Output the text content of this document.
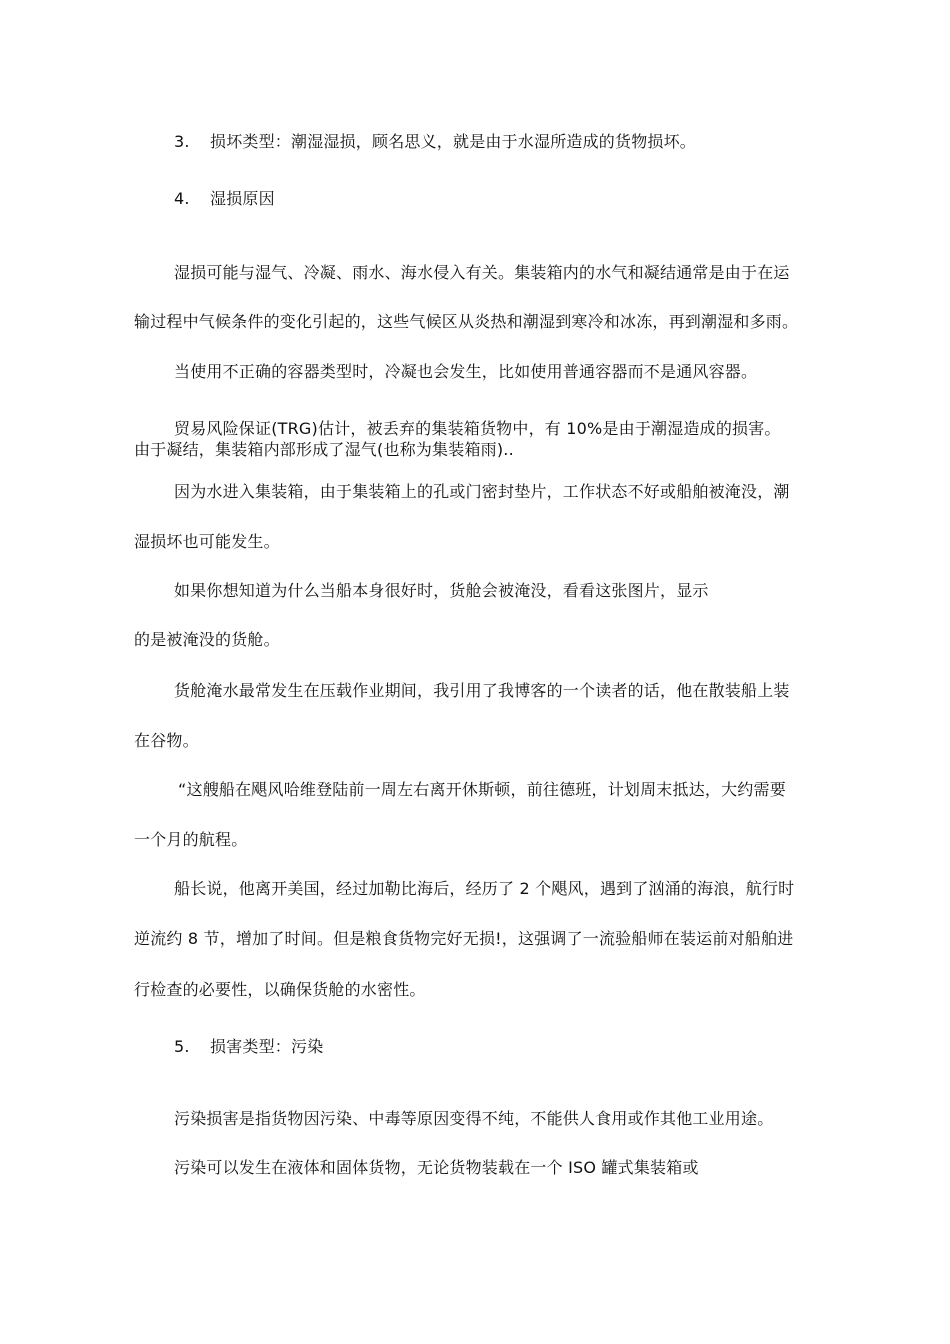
3. 损坏类型：潮湿湿损，顾名思义，就是由于水湿所造成的货物损坏。
4. 湿损原因
湿损可能与湿气、冷凝、雨水、海水侵入有关。集装箱内的水气和凝结通常是由于在运
输过程中气候条件的变化引起的，这些气候区从炎热和潮湿到寒冷和冰冻，再到潮湿和多雨。
当使用不正确的容器类型时，冷凝也会发生，比如使用普通容器而不是通风容器。
贸易风险保证(TRG)估计，被丢弃的集装箱货物中，有 10%是由于潮湿造成的损害。
由于凝结，集装箱内部形成了湿气(也称为集装箱雨)..
因为水进入集装箱，由于集装箱上的孔或门密封垫片，工作状态不好或船舶被淹没，潮
湿损坏也可能发生。
如果你想知道为什么当船本身很好时，货舱会被淹没，看看这张图片，显示
的是被淹没的货舱。
货舱淹水最常发生在压载作业期间，我引用了我博客的一个读者的话，他在散装船上装
在谷物。
“这艘船在飓风哈维登陆前一周左右离开休斯顿，前往德班，计划周末抵达，大约需要
一个月的航程。
船长说，他离开美国，经过加勒比海后，经历了 2 个飓风，遇到了汹涌的海浪，航行时
逆流约 8 节，增加了时间。但是粮食货物完好无损!，这强调了一流验船师在装运前对船舶进
行检查的必要性，以确保货舱的水密性。
5. 损害类型：污染
污染损害是指货物因污染、中毒等原因变得不纯，不能供人食用或作其他工业用途。
污染可以发生在液体和固体货物，无论货物装载在一个 ISO 罐式集装箱或
